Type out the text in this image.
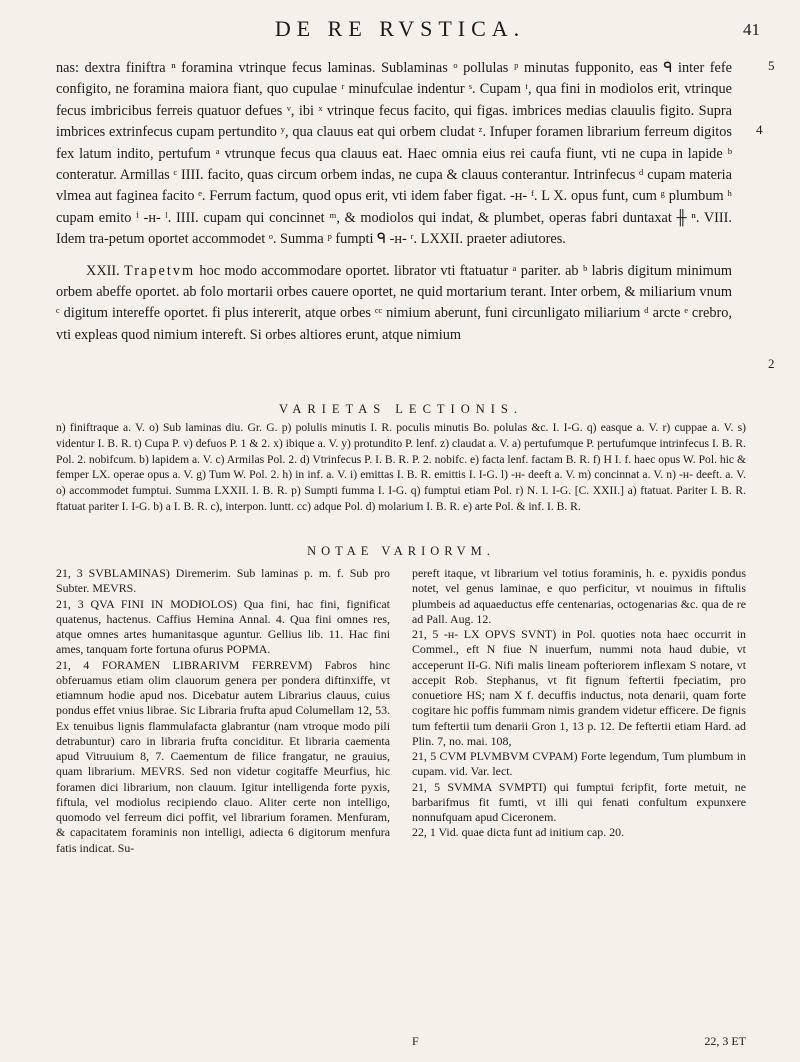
DE RE RVSTICA.	41

nas: dextra finiftra ⁿ foramina vtrinque fecus laminas. Sublaminas ᵒ pollulas ᵖ minutas fupponito, eas ᑫ inter fefe configito, ne foramina maiora fiant, quo cupulae ʳ minufculae indentur ˢ. Cupam ᵗ, qua fini in modiolos erit, vtrinque fecus imbricibus ferreis quatuor defues ᵛ, ibi ˣ vtrinque fecus facito, qui figas. imbrices medias clauulis figito. Supra imbrices extrinfecus cupam pertundito ʸ, qua clauus eat qui orbem cludat ᶻ. Infuper foramen librarium ferreum digitos fex latum indito, pertufum ᵃ vtrunque fecus qua clauus eat. Haec omnia eius rei caufa fiunt, vti ne cupa in lapide ᵇ conteratur. Armillas ᶜ IIII. facito, quas circum orbem indas, ne cupa & clauus conterantur. Intrinfecus ᵈ cupam materia vlmea aut faginea facito ᵉ. Ferrum factum, quod opus erit, vti idem faber figat. -ʜ- ᶠ. L X. opus funt, cum ᵍ plumbum ʰ cupam emito ⁱ -ʜ- ˡ. IIII. cupam qui concinnet ᵐ, & modiolos qui indat, & plumbet, operas fabri duntaxat ╫ ⁿ. VIII. Idem tra-petum oportet accommodet ᵒ. Summa ᵖ fumpti ᑫ -ʜ- ʳ. LXXII. praeter adiutores.

XXII. Trapetvm hoc modo accommodare oportet. librator vti ftatuatur ᵃ pariter. ab ᵇ labris digitum minimum orbem abeffe oportet. ab folo mortarii orbes cauere oportet, ne quid mortarium terant. Inter orbem, & miliarium vnum ᶜ digitum intereffe oportet. fi plus intererit, atque orbes ᶜᶜ nimium aberunt, funi circunligato miliarium ᵈ arcte ᵉ crebro, vti expleas quod nimium intereft. Si orbes altiores erunt, atque nimium

5
4
2
VARIETAS LECTIONIS.

n) finiftraque a. V. o) Sub laminas diu. Gr. G. p) polulis minutis I. R. poculis minutis Bo. polulas &c. I. I-G. q) easque a. V. r) cuppae a. V. s) videntur I. B. R. t) Cupa P. v) defuos P. 1 & 2. x) ibique a. V. y) protundito P. lenf. z) claudat a. V. a) pertufumque P. pertufumque intrinfecus I. B. R. Pol. 2. nobifcum. b) lapidem a. V. c) Armilas Pol. 2. d) Vtrinfecus P. I. B. R. P. 2. nobifc. e) facta lenf. factam B. R. f) H I. f. haec opus W. Pol. hic & femper LX. operae opus a. V. g) Tum W. Pol. 2. h) in inf. a. V. i) emittas I. B. R. emittis I. I-G. l) -ʜ- deeft a. V. m) concinnat a. V. n) -ʜ- deeft. a. V. o) accommodet fumptui. Summa LXXII. I. B. R. p) Sumpti fumma I. I-G. q) fumptui etiam Pol. r) N. I. I-G. [C. XXII.] a) ftatuat. Pariter I. B. R. ftatuat pariter I. I-G. b) a I. B. R. c), interpon. luntt. cc) adque Pol. d) molarium I. B. R. e) arte Pol. & inf. I. B. R.

NOTAE VARIORVM.

21, 3 SVBLAMINAS) Diremerim. Sub laminas p. m. f. Sub pro Subter. MEVRS.

21, 3 QVA FINI IN MODIOLOS) Qua fini, hac fini, fignificat quatenus, hactenus. Caffius Hemina Annal. 4. Qua fini omnes res, atque omnes artes humanitasque aguntur. Gellius lib. 11. Hac fini ames, tanquam forte fortuna ofurus POPMA.

21, 4 FORAMEN LIBRARIVM FERREVM) Fabros hinc obferuamus etiam olim clauorum genera per pondera diftinxiffe, vt etiamnum hodie apud nos. Dicebatur autem Librarius clauus, cuius pondus effet vnius librae. Sic Libraria frufta apud Columellam 12, 53. Ex tenuibus lignis flammulafacta glabrantur (nam vtroque modo pili detrabuntur) caro in libraria frufta conciditur. Et libraria caementa apud Vitruuium 8, 7. Caementum de filice frangatur, ne grauius, quam librarium. MEVRS. Sed non videtur cogitaffe Meurfius, hic foramen dici librarium, non clauum. Igitur intelligenda forte pyxis, fiftula, vel modiolus recipiendo clauo. Aliter certe non intelligo, quomodo vel ferreum dici poffit, vel librarium foramen. Menfuram, & capacitatem foraminis non intelligi, adiecta 6 digitorum menfura fatis indicat. Su-

pereft itaque, vt librarium vel totius foraminis, h. e. pyxidis pondus notet, vel genus laminae, e quo perficitur, vt nouimus in fiftulis plumbeis ad aquaeductus effe centenarias, octogenarias &c. qua de re ad Pall. Aug. 12.

21, 5 -ʜ- LX OPVS SVNT) in Pol. quoties nota haec occurrit in Commel., eft N fiue N inuerfum, nummi nota haud dubie, vt acceperunt II-G. Nifi malis lineam pofteriorem inflexam S notare, vt accepit Rob. Stephanus, vt fit fignum feftertii fpeciatim, pro conuetiore HS; nam X f. decuffis inductus, nota denarii, quam forte cogitare hic poffis fummam nimis grandem videtur efficere. De fignis tum feftertii tum denarii Gron 1, 13 p. 12. De feftertii etiam Hard. ad Plin. 7, no. mai. 108,

21, 5 CVM PLVMBVM CVPAM) Forte legendum, Tum plumbum in cupam. vid. Var. lect.

21, 5 SVMMA SVMPTI) qui fumptui fcripfit, forte metuit, ne barbarifmus fit fumti, vt illi qui fenati confultum expunxere nonnufquam apud Ciceronem.

22, 1 Vid. quae dicta funt ad initium cap. 20.

F	22, 3 ET
